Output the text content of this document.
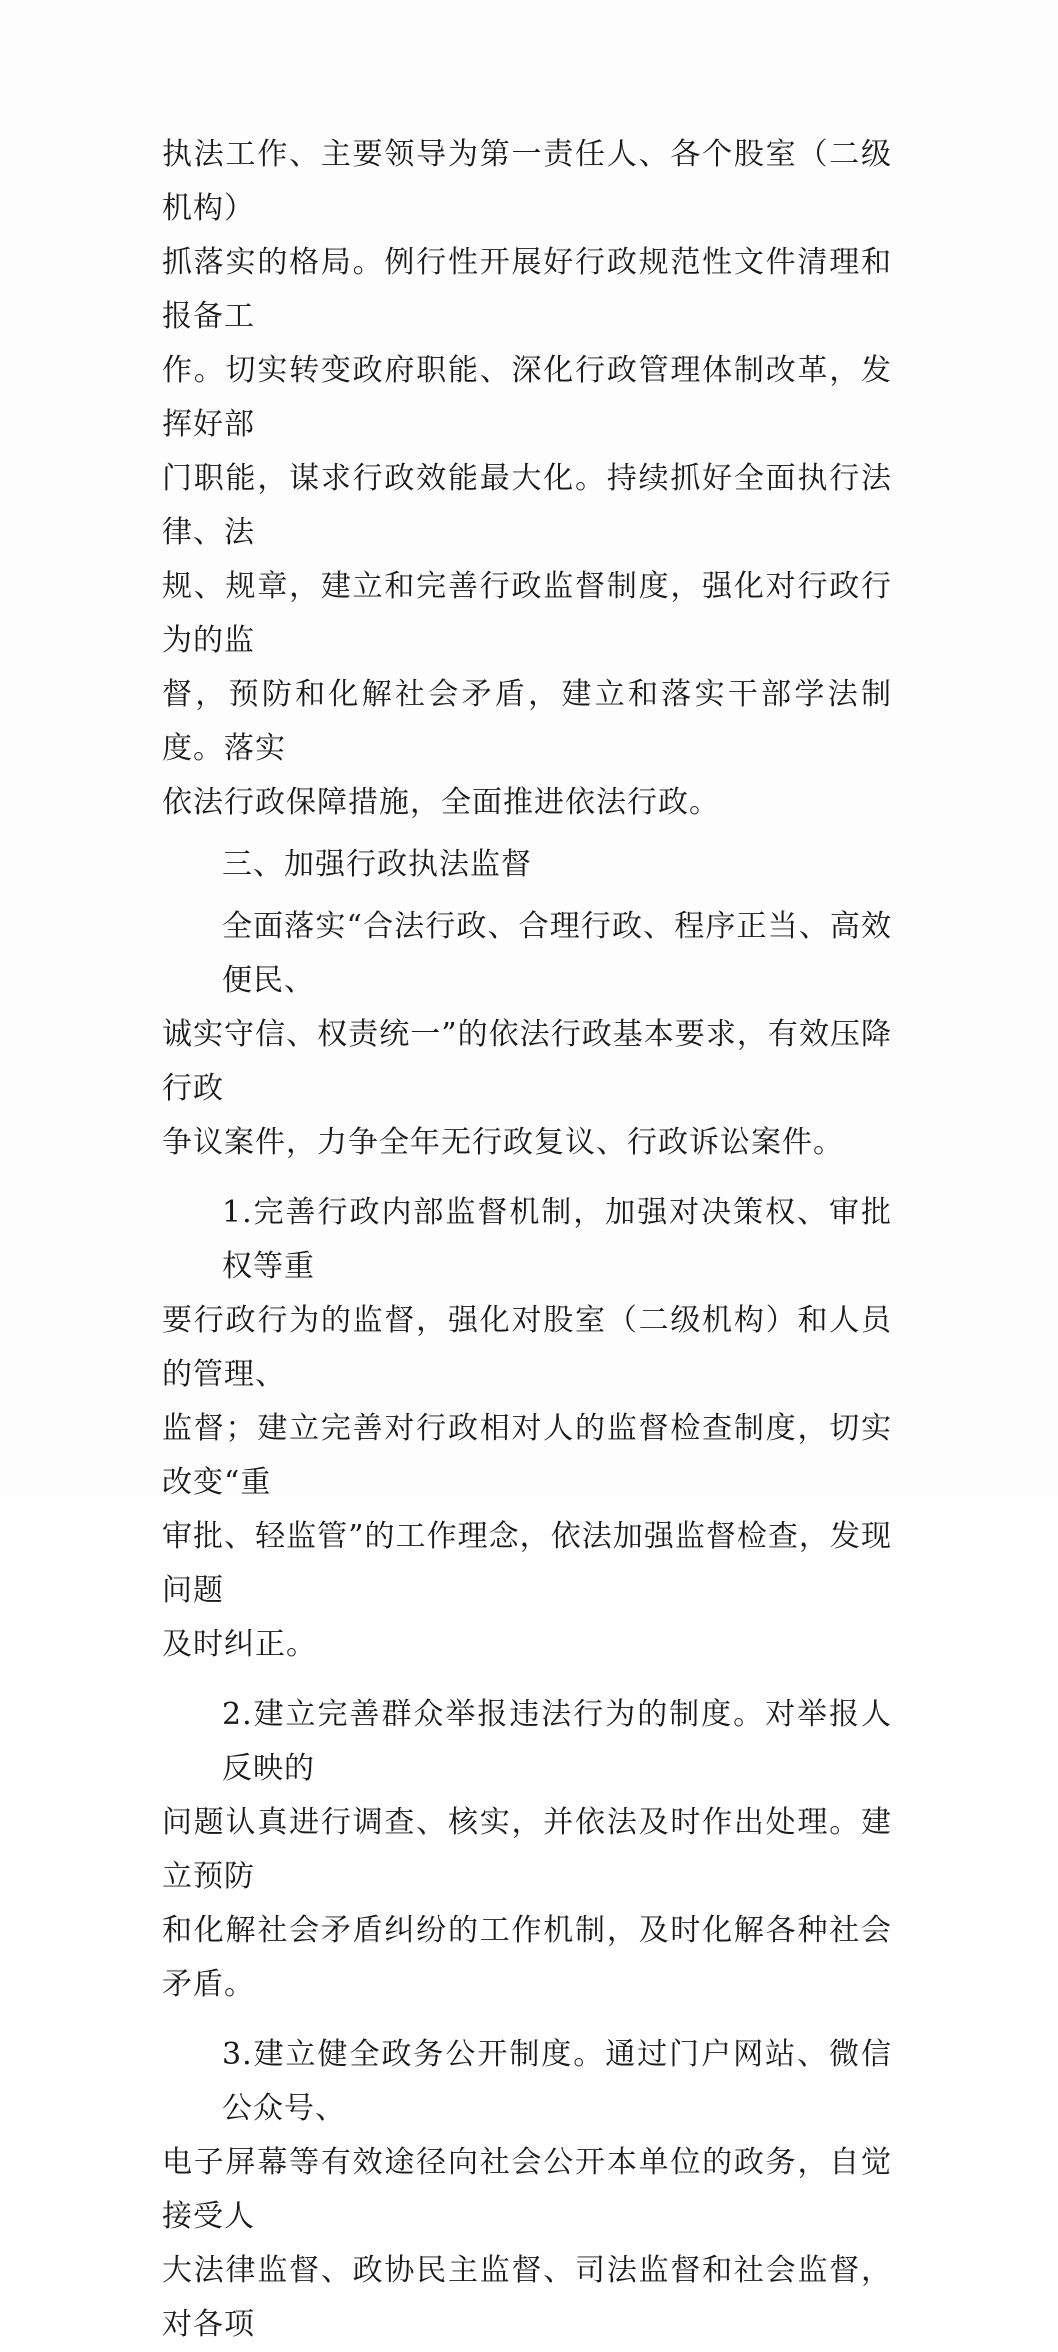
执法工作、主要领导为第一责任人、各个股室（二级机构）
抓落实的格局。例行性开展好行政规范性文件清理和报备工
作。切实转变政府职能、深化行政管理体制改革，发挥好部
门职能，谋求行政效能最大化。持续抓好全面执行法律、法
规、规章，建立和完善行政监督制度，强化对行政行为的监
督，预防和化解社会矛盾，建立和落实干部学法制度。落实
依法行政保障措施，全面推进依法行政。

三、加强行政执法监督

全面落实“合法行政、合理行政、程序正当、高效便民、
诚实守信、权责统一”的依法行政基本要求，有效压降行政
争议案件，力争全年无行政复议、行政诉讼案件。

1.完善行政内部监督机制，加强对决策权、审批权等重
要行政行为的监督，强化对股室（二级机构）和人员的管理、
监督；建立完善对行政相对人的监督检查制度，切实改变“重
审批、轻监管”的工作理念，依法加强监督检查，发现问题
及时纠正。

2.建立完善群众举报违法行为的制度。对举报人反映的
问题认真进行调查、核实，并依法及时作出处理。建立预防
和化解社会矛盾纠纷的工作机制，及时化解各种社会矛盾。

3.建立健全政务公开制度。通过门户网站、微信公众号、
电子屏幕等有效途径向社会公开本单位的政务，自觉接受人
大法律监督、政协民主监督、司法监督和社会监督，对各项
